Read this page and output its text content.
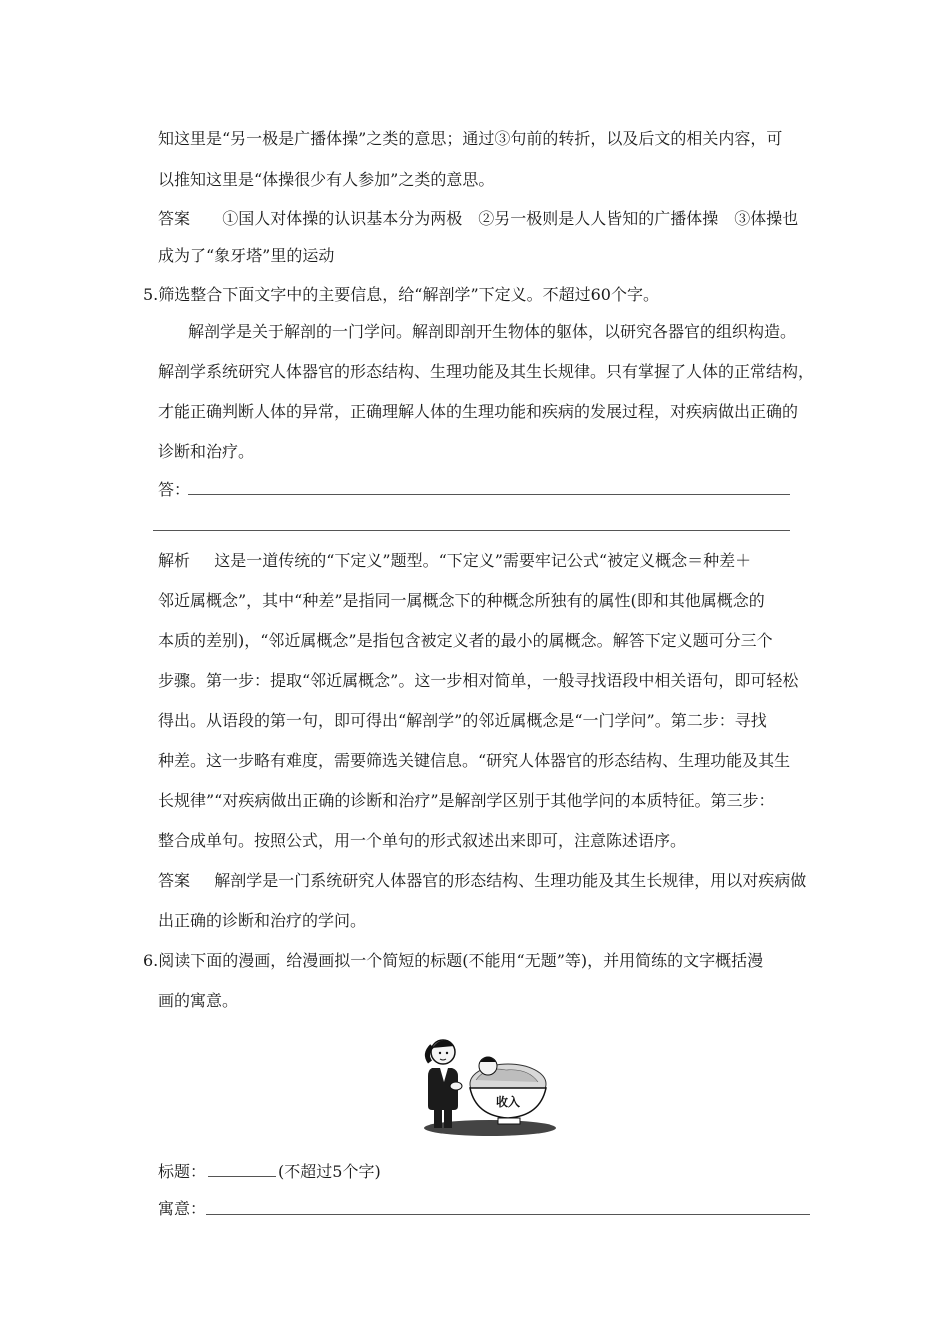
知这里是“另一极是广播体操”之类的意思；通过③句前的转折，以及后文的相关内容，可
以推知这里是“体操很少有人参加”之类的意思。
答案 ①国人对体操的认识基本分为两极　②另一极则是人人皆知的广播体操　③体操也
成为了“象牙塔”里的运动
5.筛选整合下面文字中的主要信息，给“解剖学”下定义。不超过60个字。
解剖学是关于解剖的一门学问。解剖即剖开生物体的躯体，以研究各器官的组织构造。
解剖学系统研究人体器官的形态结构、生理功能及其生长规律。只有掌握了人体的正常结构，
才能正确判断人体的异常，正确理解人体的生理功能和疾病的发展过程，对疾病做出正确的
诊断和治疗。
答：
解析 这是一道传统的“下定义”题型。“下定义”需要牢记公式“被定义概念＝种差＋
邻近属概念”，其中“种差”是指同一属概念下的种概念所独有的属性(即和其他属概念的
本质的差别)，“邻近属概念”是指包含被定义者的最小的属概念。解答下定义题可分三个
步骤。第一步：提取“邻近属概念”。这一步相对简单，一般寻找语段中相关语句，即可轻松
得出。从语段的第一句，即可得出“解剖学”的邻近属概念是“一门学问”。第二步：寻找
种差。这一步略有难度，需要筛选关键信息。“研究人体器官的形态结构、生理功能及其生
长规律”“对疾病做出正确的诊断和治疗”是解剖学区别于其他学问的本质特征。第三步：
整合成单句。按照公式，用一个单句的形式叙述出来即可，注意陈述语序。
答案 解剖学是一门系统研究人体器官的形态结构、生理功能及其生长规律，用以对疾病做
出正确的诊断和治疗的学问。
6.阅读下面的漫画，给漫画拟一个简短的标题(不能用“无题”等)，并用简练的文字概括漫
画的寓意。
收入
标题：	(不超过5个字)
寓意：
